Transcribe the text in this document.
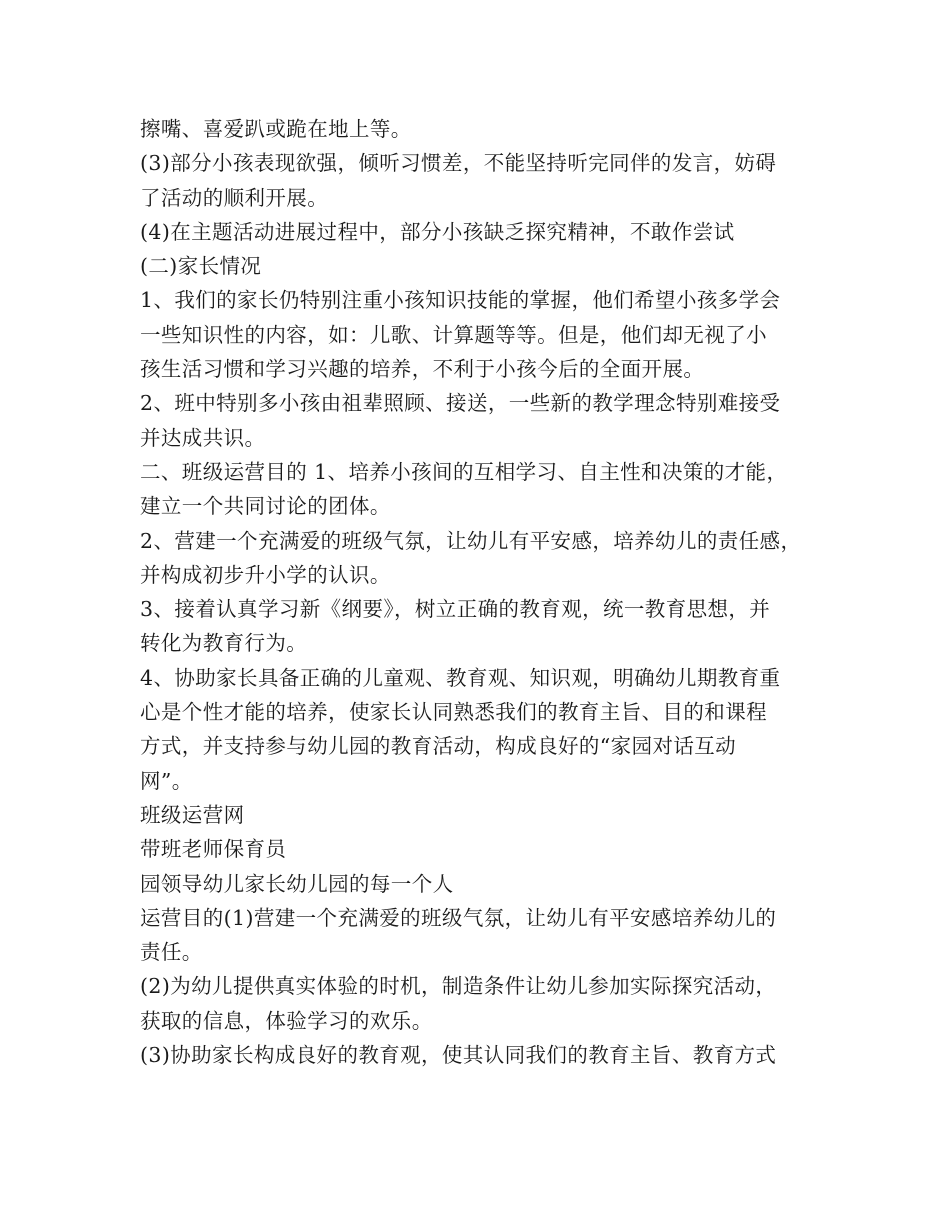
擦嘴、喜爱趴或跪在地上等。
(3)部分小孩表现欲强，倾听习惯差，不能坚持听完同伴的发言，妨碍
了活动的顺利开展。
(4)在主题活动进展过程中，部分小孩缺乏探究精神，不敢作尝试
(二)家长情况
1、我们的家长仍特别注重小孩知识技能的掌握，他们希望小孩多学会
一些知识性的内容，如：儿歌、计算题等等。但是，他们却无视了小
孩生活习惯和学习兴趣的培养，不利于小孩今后的全面开展。
2、班中特别多小孩由祖辈照顾、接送，一些新的教学理念特别难接受
并达成共识。
二、班级运营目的 1、培养小孩间的互相学习、自主性和决策的才能，
建立一个共同讨论的团体。
2、营建一个充满爱的班级气氛，让幼儿有平安感，培养幼儿的责任感，
并构成初步升小学的认识。
3、接着认真学习新《纲要》，树立正确的教育观，统一教育思想，并
转化为教育行为。
4、协助家长具备正确的儿童观、教育观、知识观，明确幼儿期教育重
心是个性才能的培养，使家长认同熟悉我们的教育主旨、目的和课程
方式，并支持参与幼儿园的教育活动，构成良好的“家园对话互动
网”。
班级运营网
带班老师保育员
园领导幼儿家长幼儿园的每一个人
运营目的(1)营建一个充满爱的班级气氛，让幼儿有平安感培养幼儿的
责任。
(2)为幼儿提供真实体验的时机，制造条件让幼儿参加实际探究活动，
获取的信息，体验学习的欢乐。
(3)协助家长构成良好的教育观，使其认同我们的教育主旨、教育方式
